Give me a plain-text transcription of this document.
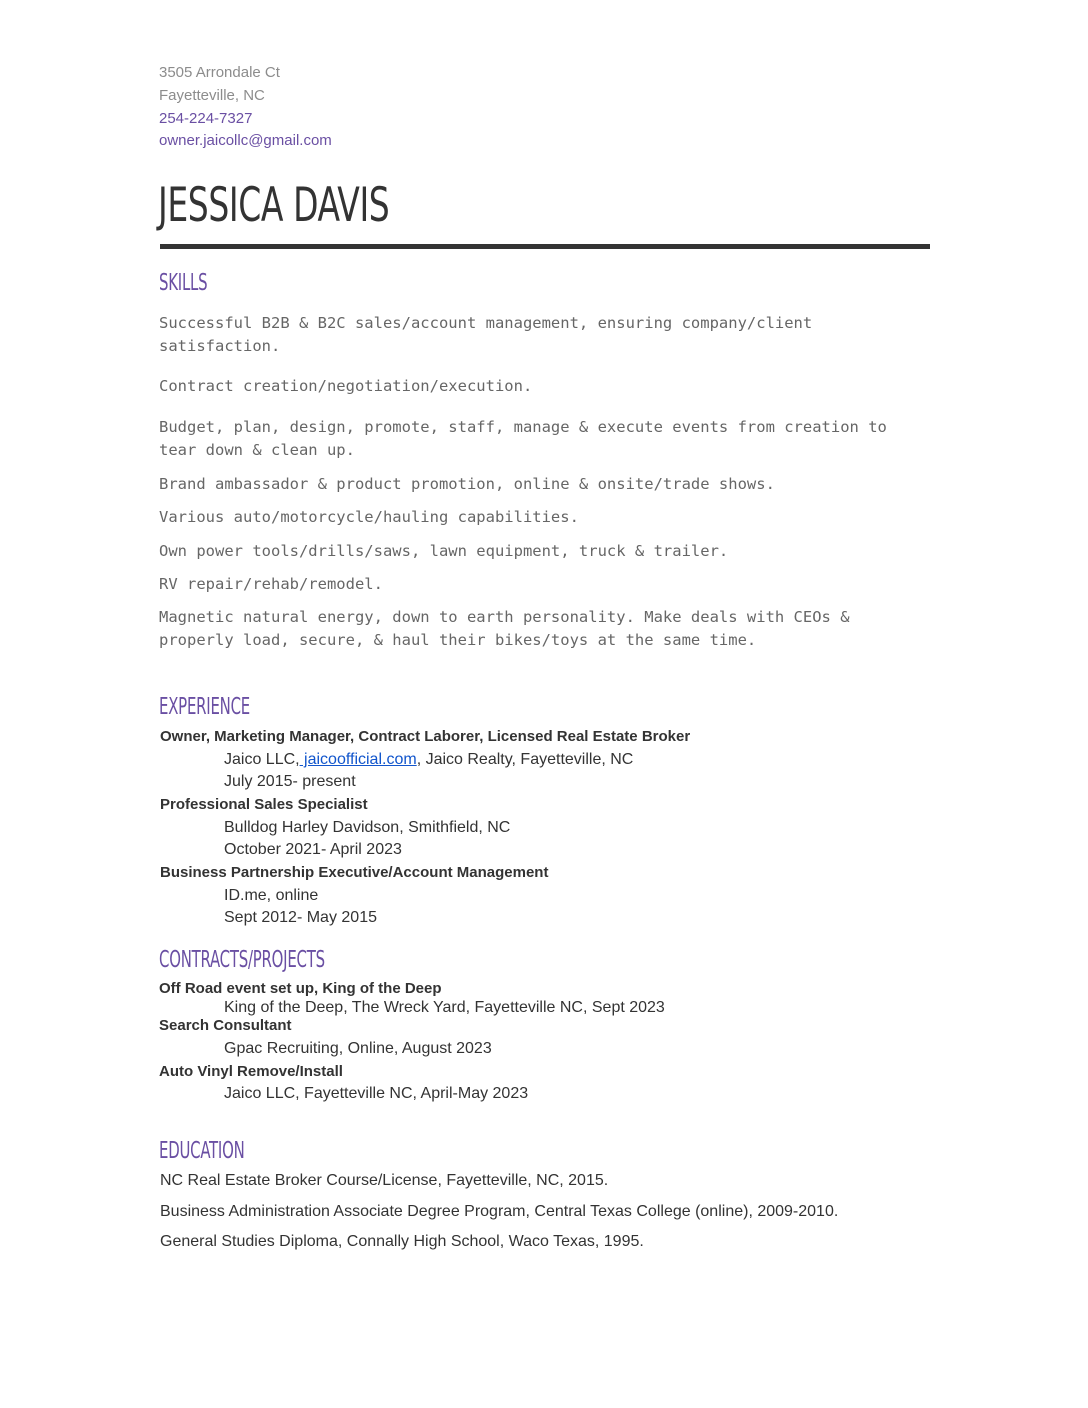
3505 Arrondale Ct
Fayetteville, NC
254-224-7327
owner.jaicollc@gmail.com
JESSICA DAVIS
SKILLS
Successful B2B & B2C sales/account management, ensuring company/client satisfaction.
Contract creation/negotiation/execution.
Budget, plan, design, promote, staff, manage & execute events from creation to tear down & clean up.
Brand ambassador & product promotion, online & onsite/trade shows.
Various auto/motorcycle/hauling capabilities.
Own power tools/drills/saws, lawn equipment, truck & trailer.
RV repair/rehab/remodel.
Magnetic natural energy, down to earth personality. Make deals with CEOs & properly load, secure, & haul their bikes/toys at the same time.
EXPERIENCE
Owner, Marketing Manager, Contract Laborer, Licensed Real Estate Broker
Jaico LLC, jaicoofficial.com, Jaico Realty, Fayetteville, NC
July 2015- present
Professional Sales Specialist
Bulldog Harley Davidson, Smithfield, NC
October 2021- April 2023
Business Partnership Executive/Account Management
ID.me, online
Sept 2012- May 2015
CONTRACTS/PROJECTS
Off Road event set up, King of the Deep
King of the Deep, The Wreck Yard, Fayetteville NC, Sept 2023
Search Consultant
Gpac Recruiting, Online, August 2023
Auto Vinyl Remove/Install
Jaico LLC, Fayetteville NC, April-May 2023
EDUCATION
NC Real Estate Broker Course/License, Fayetteville, NC, 2015.
Business Administration Associate Degree Program, Central Texas College (online), 2009-2010.
General Studies Diploma, Connally High School, Waco Texas, 1995.
